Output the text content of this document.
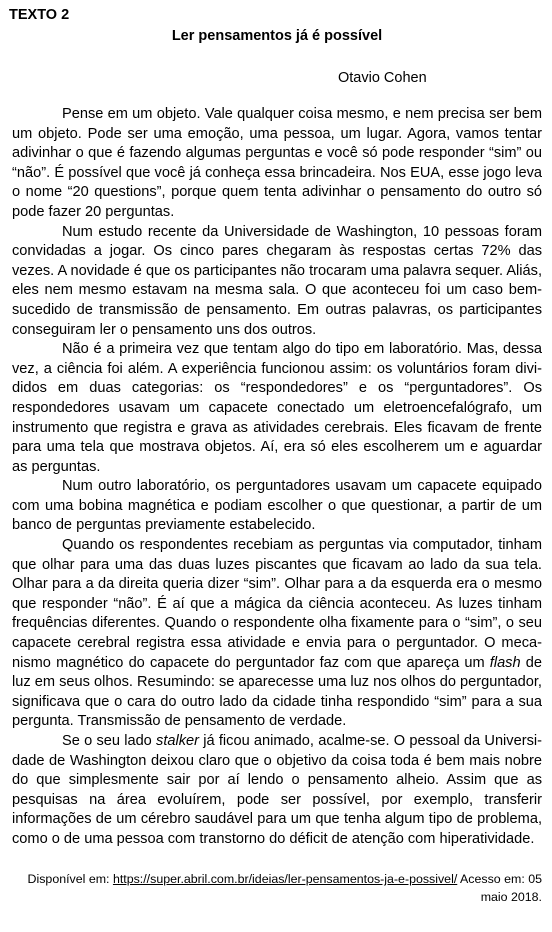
TEXTO 2

Ler pensamentos já é possível

Otavio Cohen

Pense em um objeto. Vale qualquer coisa mesmo, e nem precisa ser bem um objeto. Pode ser uma emoção, uma pessoa, um lugar. Agora, vamos tentar adivinhar o que é fazendo algumas perguntas e você só pode responder “sim” ou “não”. É possível que você já conheça essa brincadeira. Nos EUA, esse jogo leva o nome “20 questions”, porque quem tenta adivinhar o pensamento do outro só pode fazer 20 perguntas.

Num estudo recente da Universidade de Washington, 10 pessoas foram convidadas a jogar. Os cinco pares chegaram às respostas certas 72% das vezes. A novidade é que os participantes não trocaram uma palavra sequer. Aliás, eles nem mesmo estavam na mesma sala. O que aconteceu foi um caso bem-sucedido de transmissão de pensamento. Em outras palavras, os participantes conseguiram ler o pensamento uns dos outros.

Não é a primeira vez que tentam algo do tipo em laboratório. Mas, dessa vez, a ciência foi além. A experiência funcionou assim: os voluntários foram divididos em duas categorias: os “respondedores” e os “perguntadores”. Os respondedores usavam um capacete conectado um eletroencefalógrafo, um instrumento que registra e grava as atividades cerebrais. Eles ficavam de frente para uma tela que mostrava objetos. Aí, era só eles escolherem um e aguardar as perguntas.

Num outro laboratório, os perguntadores usavam um capacete equipado com uma bobina magnética e podiam escolher o que questionar, a partir de um banco de perguntas previamente estabelecido.

Quando os respondentes recebiam as perguntas via computador, tinham que olhar para uma das duas luzes piscantes que ficavam ao lado da sua tela. Olhar para a da direita queria dizer “sim”. Olhar para a da esquerda era o mesmo que responder “não”. É aí que a mágica da ciência aconteceu. As luzes tinham frequências diferentes. Quando o respondente olha fixamente para o “sim”, o seu capacete cerebral registra essa atividade e envia para o perguntador. O mecanismo magnético do capacete do perguntador faz com que apareça um flash de luz em seus olhos. Resumindo: se aparecesse uma luz nos olhos do perguntador, significava que o cara do outro lado da cidade tinha respondido “sim” para a sua pergunta. Transmissão de pensamento de verdade.

Se o seu lado stalker já ficou animado, acalme-se. O pessoal da Universidade de Washington deixou claro que o objetivo da coisa toda é bem mais nobre do que simplesmente sair por aí lendo o pensamento alheio. Assim que as pesquisas na área evoluírem, pode ser possível, por exemplo, transferir informações de um cérebro saudável para um que tenha algum tipo de problema, como o de uma pessoa com transtorno do déficit de atenção com hiperatividade.

Disponível em: https://super.abril.com.br/ideias/ler-pensamentos-ja-e-possivel/ Acesso em: 05 maio 2018.
